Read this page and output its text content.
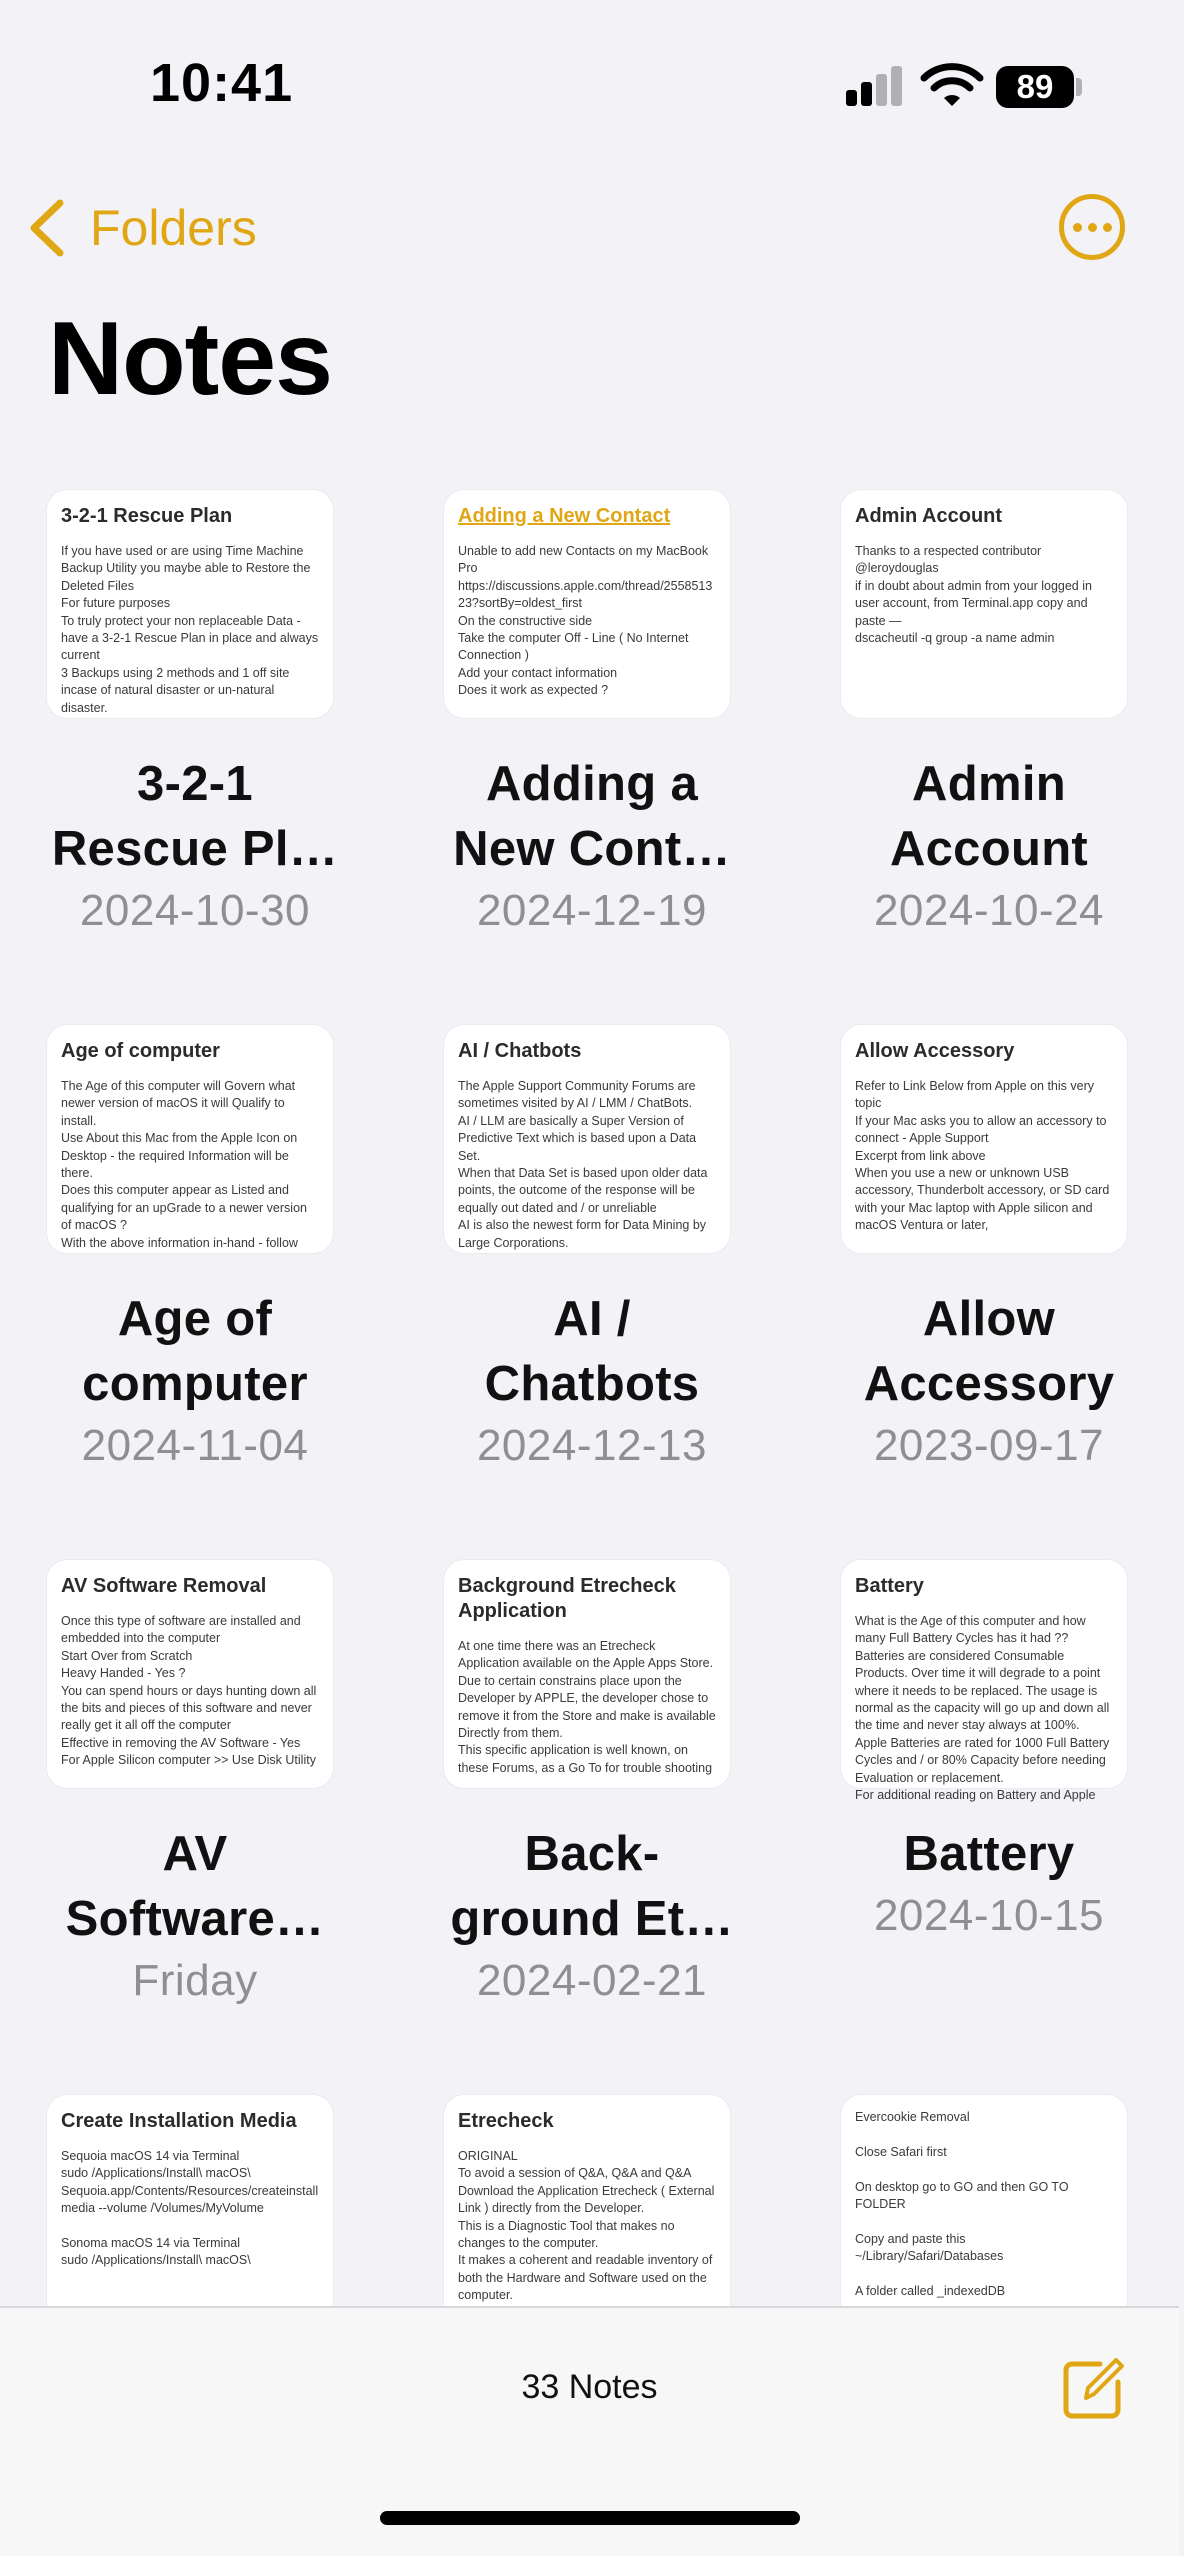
10:41	89
Folders
Notes
3-2-1 Rescue Plan
If you have used or are using Time Machine Backup Utility you maybe able to Restore the Deleted Files
For future purposes
To truly protect your non replaceable Data - have a 3-2-1 Rescue Plan in place and always current
3 Backups using 2 methods and 1 off site incase of natural disaster or un-natural disaster.
3-2-1
Rescue Pl…
2024-10-30
Adding a New Contact
Unable to add new Contacts on my MacBook Pro
https://discussions.apple.com/thread/255851323?sortBy=oldest_first
On the constructive side
Take the computer Off - Line ( No Internet Connection )
Add your contact information
Does it work as expected ?
Adding a
New Cont…
2024-12-19
Admin Account
Thanks to a respected contributor @leroydouglas
if in doubt about admin from your logged in user account, from Terminal.app copy and paste —
dscacheutil -q group -a name admin
Admin
Account
2024-10-24
Age of computer
The Age of this computer will Govern what newer version of macOS it will Qualify to install.
Use About this Mac from the Apple Icon on Desktop - the required Information will be there.
Does this computer appear as Listed and qualifying for an upGrade to a newer version of macOS ?
With the above information in-hand - follow
Age of
computer
2024-11-04
AI / Chatbots
The Apple Support Community Forums are sometimes visited by AI / LMM / ChatBots.
AI / LLM are basically a Super Version of Predictive Text which is based upon a Data Set.
When that Data Set is based upon older data points, the outcome of the response will be equally out dated and / or unreliable
AI is also the newest form for Data Mining by Large Corporations.
AI /
Chatbots
2024-12-13
Allow Accessory
Refer to Link Below from Apple on this very topic
If your Mac asks you to allow an accessory to connect - Apple Support
Excerpt from link above
When you use a new or unknown USB accessory, Thunderbolt accessory, or SD card with your Mac laptop with Apple silicon and macOS Ventura or later,
Allow
Accessory
2023-09-17
AV Software Removal
Once this type of software are installed and embedded into the computer
Start Over from Scratch
Heavy Handed - Yes ?
You can spend hours or days hunting down all the bits and pieces of this software and never really get it all off the computer
Effective in removing the AV Software - Yes
For Apple Silicon computer >> Use Disk Utility
AV
Software…
Friday
Background Etrecheck Application
At one time there was an Etrecheck Application available on the Apple Apps Store.
Due to certain constrains place upon the Developer by APPLE, the developer chose to remove it from the Store and make is available Directly from them.
This specific application is well known, on these Forums, as a Go To for trouble shooting
Back-
ground Et…
2024-02-21
Battery
What is the Age of this computer and how many Full Battery Cycles has it had ??
Batteries are considered Consumable Products. Over time it will degrade to a point where it needs to be replaced. The usage is normal as the capacity will go up and down all the time and never stay always at 100%. Apple Batteries are rated for 1000 Full Battery Cycles and / or 80% Capacity before needing Evaluation or replacement.
For additional reading on Battery and Apple
Battery
2024-10-15
Create Installation Media
Sequoia macOS 14 via Terminal
sudo /Applications/Install\ macOS\ Sequoia.app/Contents/Resources/createinstallmedia --volume /Volumes/MyVolume

Sonoma macOS 14 via Terminal
sudo /Applications/Install\ macOS\
Etrecheck
ORIGINAL
To avoid a session of Q&A, Q&A and Q&A Download the Application Etrecheck ( External Link ) directly from the Developer.
This is a Diagnostic Tool that makes no changes to the computer.
It makes a coherent and readable inventory of both the Hardware and Software used on the computer.
Evercookie Removal

Close Safari first

On desktop go to GO and then GO TO FOLDER

Copy and paste this ~/Library/Safari/Databases

A folder called _indexedDB

33 Notes
